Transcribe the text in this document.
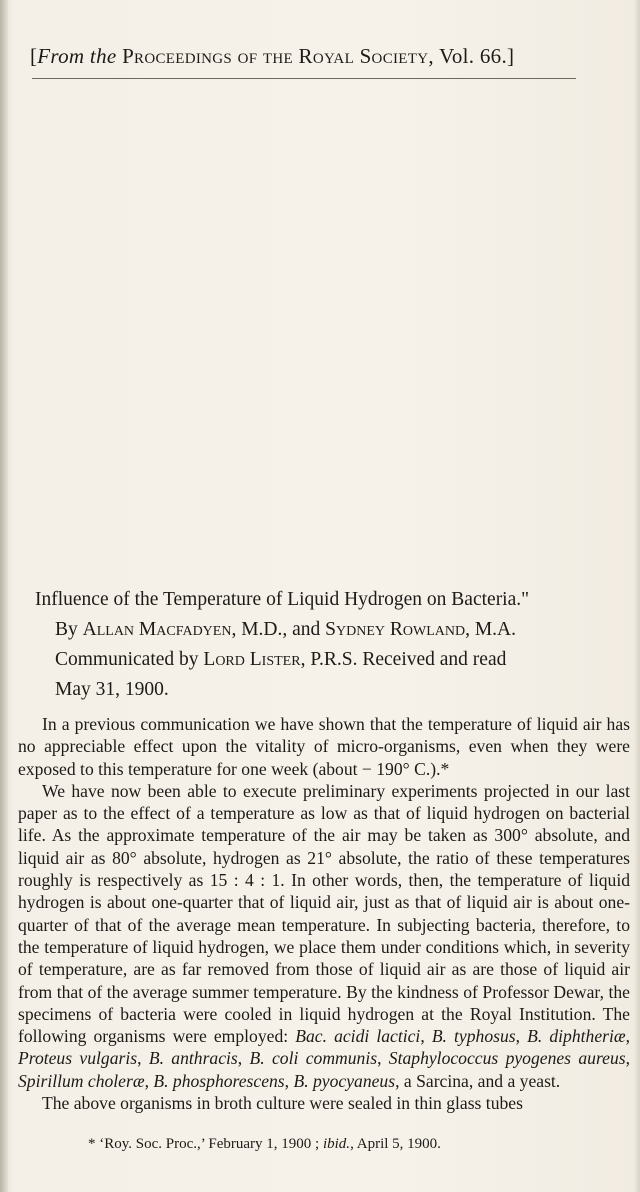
[From the Proceedings of the Royal Society, Vol. 66.]
Influence of the Temperature of Liquid Hydrogen on Bacteria."
By Allan Macfadyen, M.D., and Sydney Rowland, M.A.
Communicated by Lord Lister, P.R.S. Received and read
May 31, 1900.

In a previous communication we have shown that the temperature of liquid air has no appreciable effect upon the vitality of micro-organisms, even when they were exposed to this temperature for one week (about − 190° C.).*

We have now been able to execute preliminary experiments projected in our last paper as to the effect of a temperature as low as that of liquid hydrogen on bacterial life. As the approximate temperature of the air may be taken as 300° absolute, and liquid air as 80° absolute, hydrogen as 21° absolute, the ratio of these temperatures roughly is respectively as 15 : 4 : 1. In other words, then, the temperature of liquid hydrogen is about one-quarter that of liquid air, just as that of liquid air is about one-quarter of that of the average mean temperature. In subjecting bacteria, therefore, to the temperature of liquid hydrogen, we place them under conditions which, in severity of temperature, are as far removed from those of liquid air as are those of liquid air from that of the average summer temperature. By the kindness of Professor Dewar, the specimens of bacteria were cooled in liquid hydrogen at the Royal Institution. The following organisms were employed: Bac. acidi lactici, B. typhosus, B. diphtheriæ, Proteus vulgaris, B. anthracis, B. coli communis, Staphylococcus pyogenes aureus, Spirillum choleræ, B. phosphorescens, B. pyocyaneus, a Sarcina, and a yeast.

The above organisms in broth culture were sealed in thin glass tubes

* ‘Roy. Soc. Proc.,’ February 1, 1900 ; ibid., April 5, 1900.
